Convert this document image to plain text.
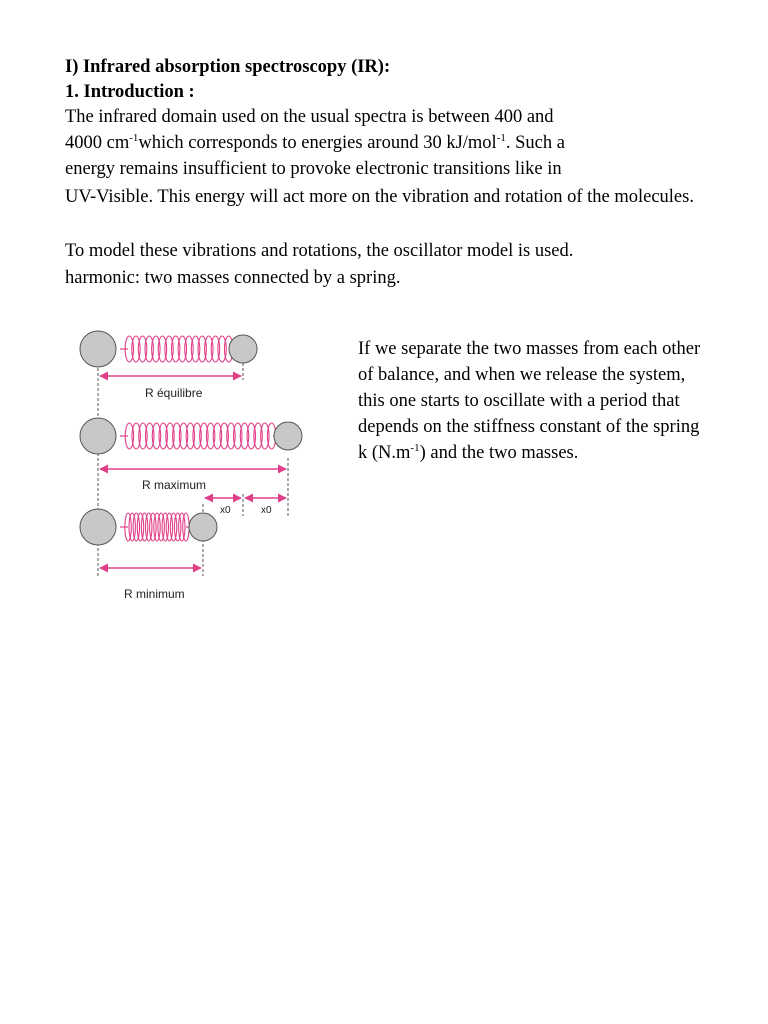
I) Infrared absorption spectroscopy (IR):

1. Introduction :

The infrared domain used on the usual spectra is between 400 and

4000 $cm^{-1}which$ corresponds to energies around 30 kJ/mol$^{-1}$. Such a

energy remains insufficient to provoke electronic transitions like in

UV-Visible. This energy will act more on the vibration and rotation of the molecules.

To model these vibrations and rotations, the oscillator model is used.

harmonic: two masses connected by a spring.

R équilibre
R maximum
x0	x0
R minimum

If we separate the two masses from each other

of balance, and when we release the system,

this one starts to oscillate with a period that

depends on the stiffness constant of the spring

k $(N.m^{-1})$ and the two masses.
